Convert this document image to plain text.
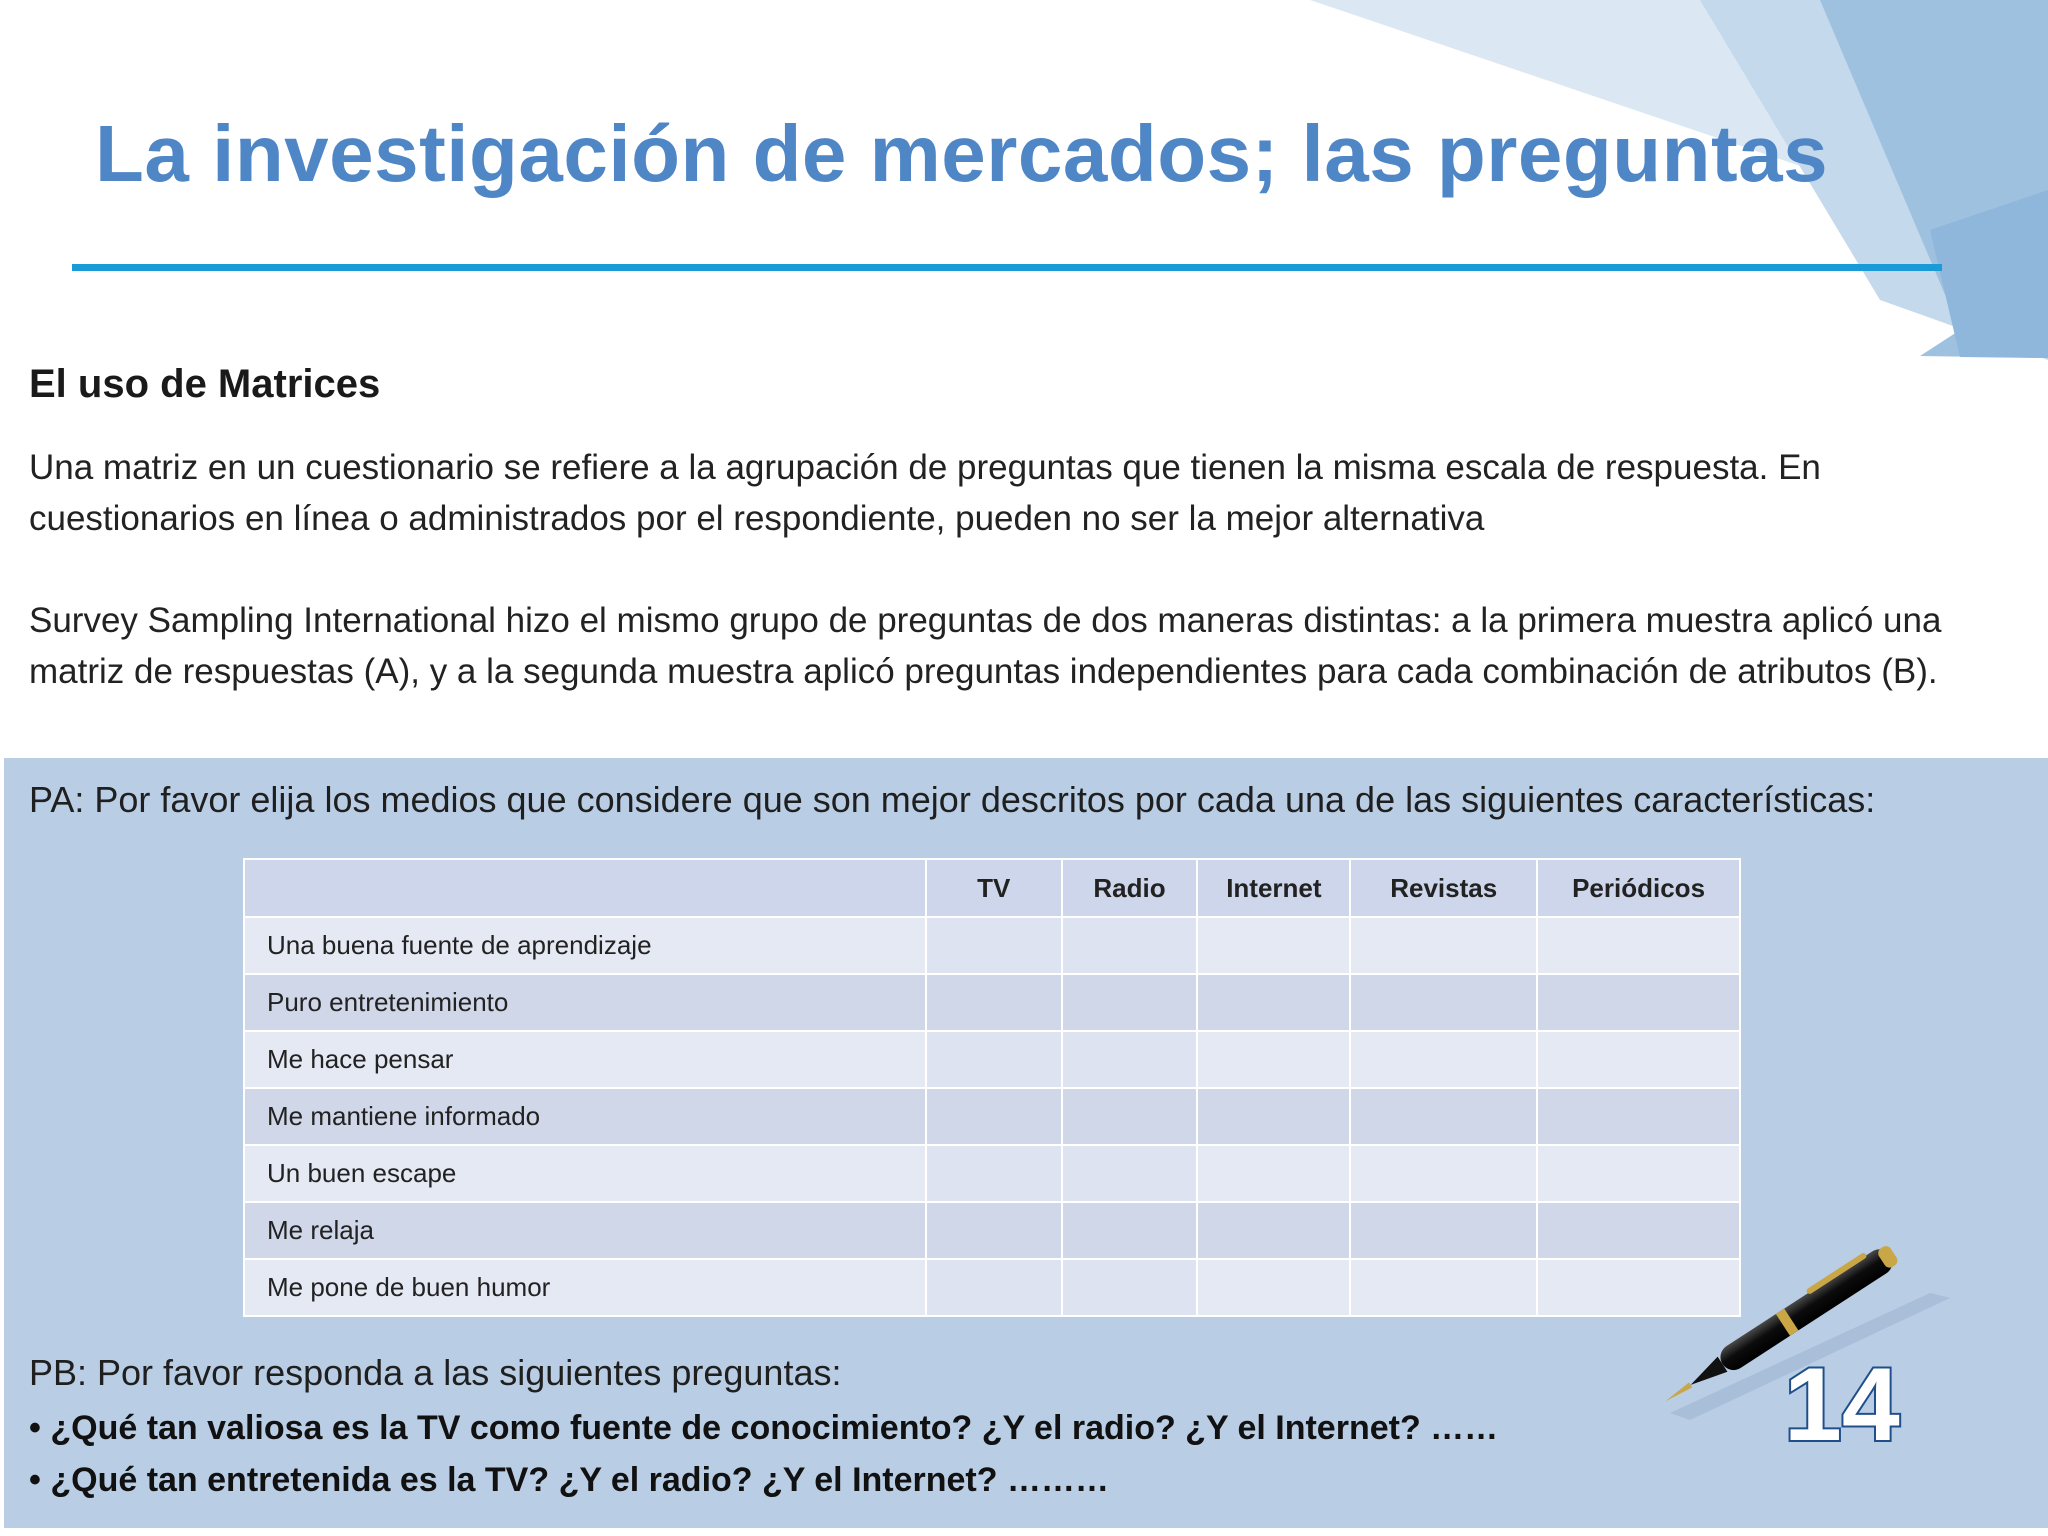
La investigación de mercados; las preguntas
El uso de Matrices

Una matriz en un cuestionario se refiere a la agrupación de preguntas que tienen la misma escala de respuesta. En cuestionarios en línea o administrados por el respondiente, pueden no ser la mejor alternativa

Survey Sampling International hizo el mismo grupo de preguntas de dos maneras distintas: a la primera muestra aplicó una matriz de respuestas (A), y a la segunda muestra aplicó preguntas independientes para cada combinación de atributos (B).

PA: Por favor elija los medios que considere que son mejor descritos por cada una de las siguientes características:

	TV	Radio	Internet	Revistas	Periódicos
Una buena fuente de aprendizaje					
Puro entretenimiento					
Me hace pensar					
Me mantiene informado					
Un buen escape					
Me relaja					
Me pone de buen humor					

PB: Por favor responda a las siguientes preguntas:

• ¿Qué tan valiosa es la TV como fuente de conocimiento? ¿Y el radio? ¿Y el Internet? ……
• ¿Qué tan entretenida es la TV? ¿Y el radio? ¿Y el Internet? ………
14
